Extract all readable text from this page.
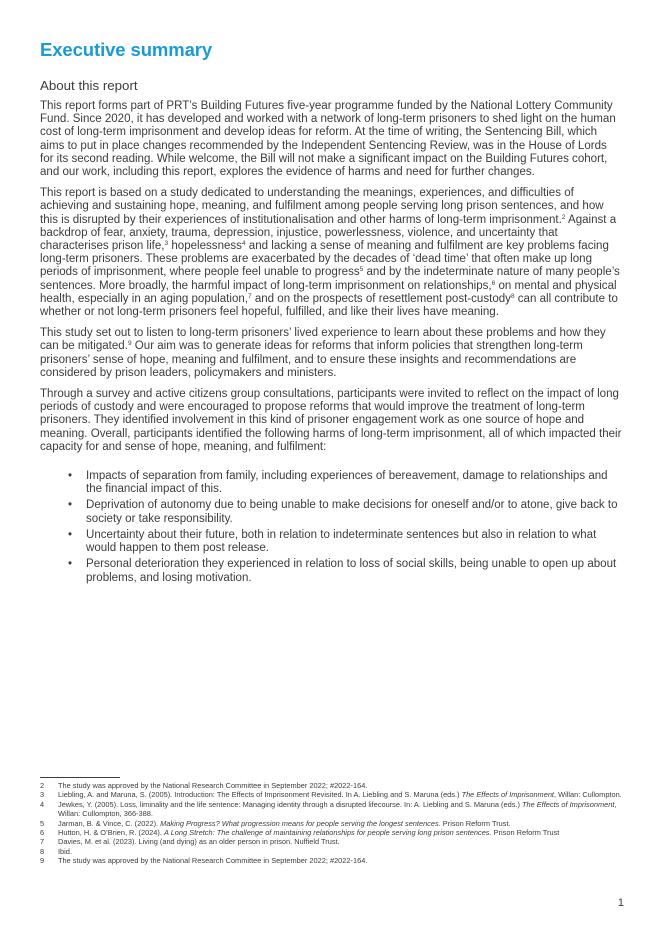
Executive summary
About this report

This report forms part of PRT’s Building Futures five-year programme funded by the National Lottery Community Fund. Since 2020, it has developed and worked with a network of long-term prisoners to shed light on the human cost of long-term imprisonment and develop ideas for reform. At the time of writing, the Sentencing Bill, which aims to put in place changes recommended by the Independent Sentencing Review, was in the House of Lords for its second reading. While welcome, the Bill will not make a significant impact on the Building Futures cohort, and our work, including this report, explores the evidence of harms and need for further changes.

This report is based on a study dedicated to understanding the meanings, experiences, and difficulties of achieving and sustaining hope, meaning, and fulfilment among people serving long prison sentences, and how this is disrupted by their experiences of institutionalisation and other harms of long-term imprisonment.$^2$ Against a backdrop of fear, anxiety, trauma, depression, injustice, powerlessness, violence, and uncertainty that characterises prison life,$^3$ hopelessness$^4$ and lacking a sense of meaning and fulfilment are key problems facing long-term prisoners. These problems are exacerbated by the decades of ‘dead time’ that often make up long periods of imprisonment, where people feel unable to progress$^5$ and by the indeterminate nature of many people’s sentences. More broadly, the harmful impact of long-term imprisonment on relationships,$^6$ on mental and physical health, especially in an aging population,$^7$ and on the prospects of resettlement post-custody$^8$ can all contribute to whether or not long-term prisoners feel hopeful, fulfilled, and like their lives have meaning.

This study set out to listen to long-term prisoners’ lived experience to learn about these problems and how they can be mitigated.$^9$ Our aim was to generate ideas for reforms that inform policies that strengthen long-term prisoners’ sense of hope, meaning and fulfilment, and to ensure these insights and recommendations are considered by prison leaders, policymakers and ministers.

Through a survey and active citizens group consultations, participants were invited to reflect on the impact of long periods of custody and were encouraged to propose reforms that would improve the treatment of long-term prisoners. They identified involvement in this kind of prisoner engagement work as one source of hope and meaning. Overall, participants identified the following harms of long-term imprisonment, all of which impacted their capacity for and sense of hope, meaning, and fulfilment:

• Impacts of separation from family, including experiences of bereavement, damage to relationships and the financial impact of this.
• Deprivation of autonomy due to being unable to make decisions for oneself and/or to atone, give back to society or take responsibility.
• Uncertainty about their future, both in relation to indeterminate sentences but also in relation to what would happen to them post release.
• Personal deterioration they experienced in relation to loss of social skills, being unable to open up about problems, and losing motivation.
2	The study was approved by the National Research Committee in September 2022; #2022-164.
3	Liebling, A. and Maruna, S. (2005). Introduction: The Effects of Imprisonment Revisited. In A. Liebling and S. Maruna (eds.) The Effects of Imprisonment, Willan: Cullompton.
4	Jewkes, Y. (2005). Loss, liminality and the life sentence: Managing identity through a disrupted lifecourse. In: A. Liebling and S. Maruna (eds.) The Effects of Imprisonment, Willan: Cullompton, 366-388.
5	Jarman, B. & Vince, C. (2022). Making Progress? What progression means for people serving the longest sentences. Prison Reform Trust.
6	Hutton, H. & O’Brien, R. (2024). A Long Stretch: The challenge of maintaining relationships for people serving long prison sentences. Prison Reform Trust
7	Davies, M. et al. (2023). Living (and dying) as an older person in prison. Nuffield Trust.
8	Ibid.
9	The study was approved by the National Research Committee in September 2022; #2022-164.
1
